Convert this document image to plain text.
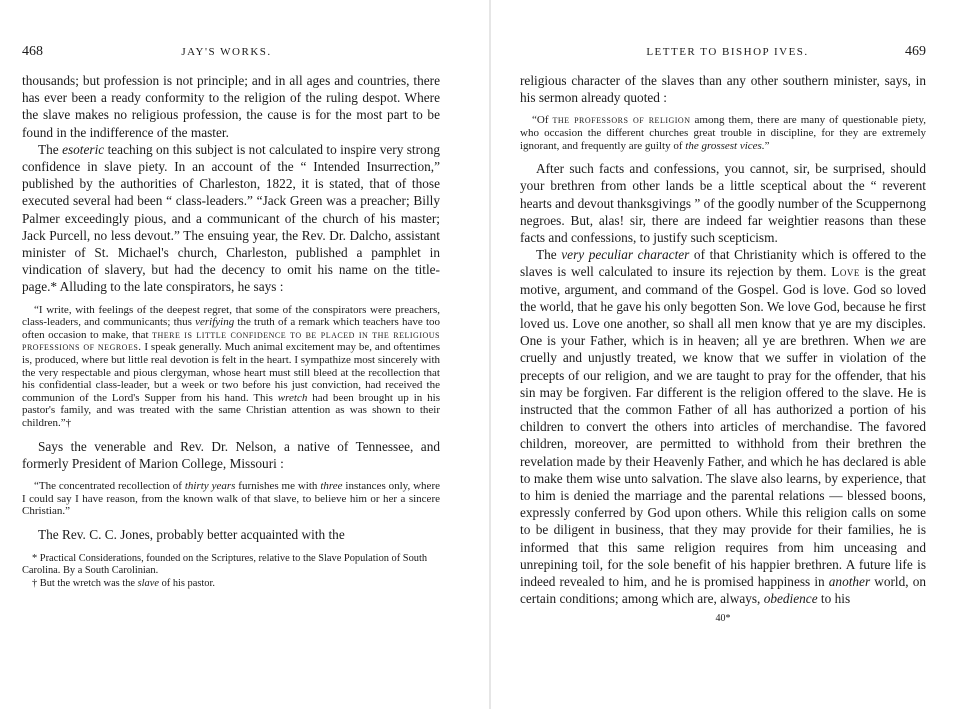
468	JAY'S WORKS.

thousands; but profession is not principle; and in all ages and countries, there has ever been a ready conformity to the religion of the ruling despot. Where the slave makes no religious profession, the cause is for the most part to be found in the indifference of the master.

The esoteric teaching on this subject is not calculated to inspire very strong confidence in slave piety. In an account of the “ Intended Insurrection,” published by the authorities of Charleston, 1822, it is stated, that of those executed several had been “ class-leaders.” “Jack Green was a preacher; Billy Palmer exceedingly pious, and a communicant of the church of his master; Jack Purcell, no less devout.” The ensuing year, the Rev. Dr. Dalcho, assistant minister of St. Michael's church, Charleston, published a pamphlet in vindication of slavery, but had the decency to omit his name on the title-page.* Alluding to the late conspirators, he says :

“I write, with feelings of the deepest regret, that some of the conspirators were preachers, class-leaders, and communicants; thus verifying the truth of a remark which teachers have too often occasion to make, that there is little confidence to be placed in the religious professions of negroes. I speak generally. Much animal excitement may be, and oftentimes is, produced, where but little real devotion is felt in the heart. I sympathize most sincerely with the very respectable and pious clergyman, whose heart must still bleed at the recollection that his confidential class-leader, but a week or two before his just conviction, had received the communion of the Lord's Supper from his hand. This wretch had been brought up in his pastor's family, and was treated with the same Christian attention as was shown to their children.”†

Says the venerable and Rev. Dr. Nelson, a native of Tennessee, and formerly President of Marion College, Missouri :

“The concentrated recollection of thirty years furnishes me with three instances only, where I could say I have reason, from the known walk of that slave, to believe him or her a sincere Christian.”

The Rev. C. C. Jones, probably better acquainted with the

* Practical Considerations, founded on the Scriptures, relative to the Slave Population of South Carolina. By a South Carolinian.

† But the wretch was the slave of his pastor.

LETTER TO BISHOP IVES.	469

religious character of the slaves than any other southern minister, says, in his sermon already quoted :

“Of the professors of religion among them, there are many of questionable piety, who occasion the different churches great trouble in discipline, for they are extremely ignorant, and frequently are guilty of the grossest vices.”

After such facts and confessions, you cannot, sir, be surprised, should your brethren from other lands be a little sceptical about the “ reverent hearts and devout thanksgivings ” of the goodly number of the Scuppernong negroes. But, alas! sir, there are indeed far weightier reasons than these facts and confessions, to justify such scepticism.

The very peculiar character of that Christianity which is offered to the slaves is well calculated to insure its rejection by them. Love is the great motive, argument, and command of the Gospel. God is love. God so loved the world, that he gave his only begotten Son. We love God, because he first loved us. Love one another, so shall all men know that ye are my disciples. One is your Father, which is in heaven; all ye are brethren. When we are cruelly and unjustly treated, we know that we suffer in violation of the precepts of our religion, and we are taught to pray for the offender, that his sin may be forgiven. Far different is the religion offered to the slave. He is instructed that the common Father of all has authorized a portion of his children to convert the others into articles of merchandise. The favored children, moreover, are permitted to withhold from their brethren the revelation made by their Heavenly Father, and which he has declared is able to make them wise unto salvation. The slave also learns, by experience, that to him is denied the marriage and the parental relations — blessed boons, expressly conferred by God upon others. While this religion calls on some to be diligent in business, that they may provide for their families, he is informed that this same religion requires from him unceasing and unrepining toil, for the sole benefit of his happier brethren. A future life is indeed revealed to him, and he is promised happiness in another world, on certain conditions; among which are, always, obedience to his

40*
